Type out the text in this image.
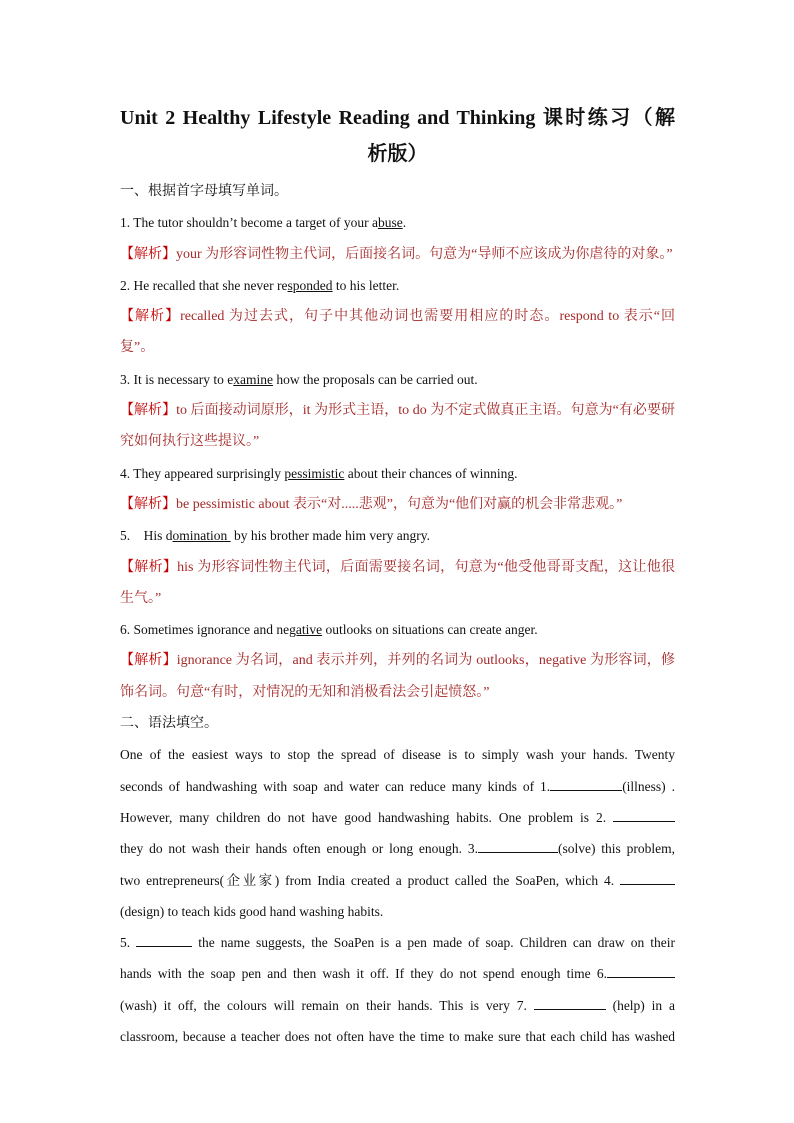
Unit 2 Healthy Lifestyle Reading and Thinking 课时练习（解

析版）

一、根据首字母填写单词。

1. The tutor shouldn’t become a target of your abuse.

【解析】your 为形容词性物主代词，后面接名词。句意为“导师不应该成为你虐待的对象。”

2. He recalled that she never responded to his letter.

【解析】recalled 为过去式，句子中其他动词也需要用相应的时态。respond to 表示“回复”。

3. It is necessary to examine how the proposals can be carried out.

【解析】to 后面接动词原形，it 为形式主语，to do 为不定式做真正主语。句意为“有必要研究如何执行这些提议。”

4. They appeared surprisingly pessimistic about their chances of winning.

【解析】be pessimistic about 表示“对.....悲观”，句意为“他们对赢的机会非常悲观。”

5.    His domination  by his brother made him very angry.

【解析】his 为形容词性物主代词，后面需要接名词，句意为“他受他哥哥支配，这让他很生气。”

6. Sometimes ignorance and negative outlooks on situations can create anger.

【解析】ignorance 为名词，and 表示并列，并列的名词为 outlooks，negative 为形容词，修饰名词。句意“有时，对情况的无知和消极看法会引起愤怒。”

二、语法填空。

One of the easiest ways to stop the spread of disease is to simply wash your hands. Twenty

seconds of handwashing with soap and water can reduce many kinds of 1.	(illness) .

However, many children do not have good handwashing habits. One problem is 2.

they do not wash their hands often enough or long enough. 3.	(solve) this problem,

two entrepreneurs(企业家) from India created a product called the SoaPen, which 4.

(design) to teach kids good hand washing habits.

5.	the name suggests, the SoaPen is a pen made of soap. Children can draw on their

hands with the soap pen and then wash it off. If they do not spend enough time 6.

(wash) it off, the colours will remain on their hands. This is very 7.	(help) in a

classroom, because a teacher does not often have the time to make sure that each child has washed
